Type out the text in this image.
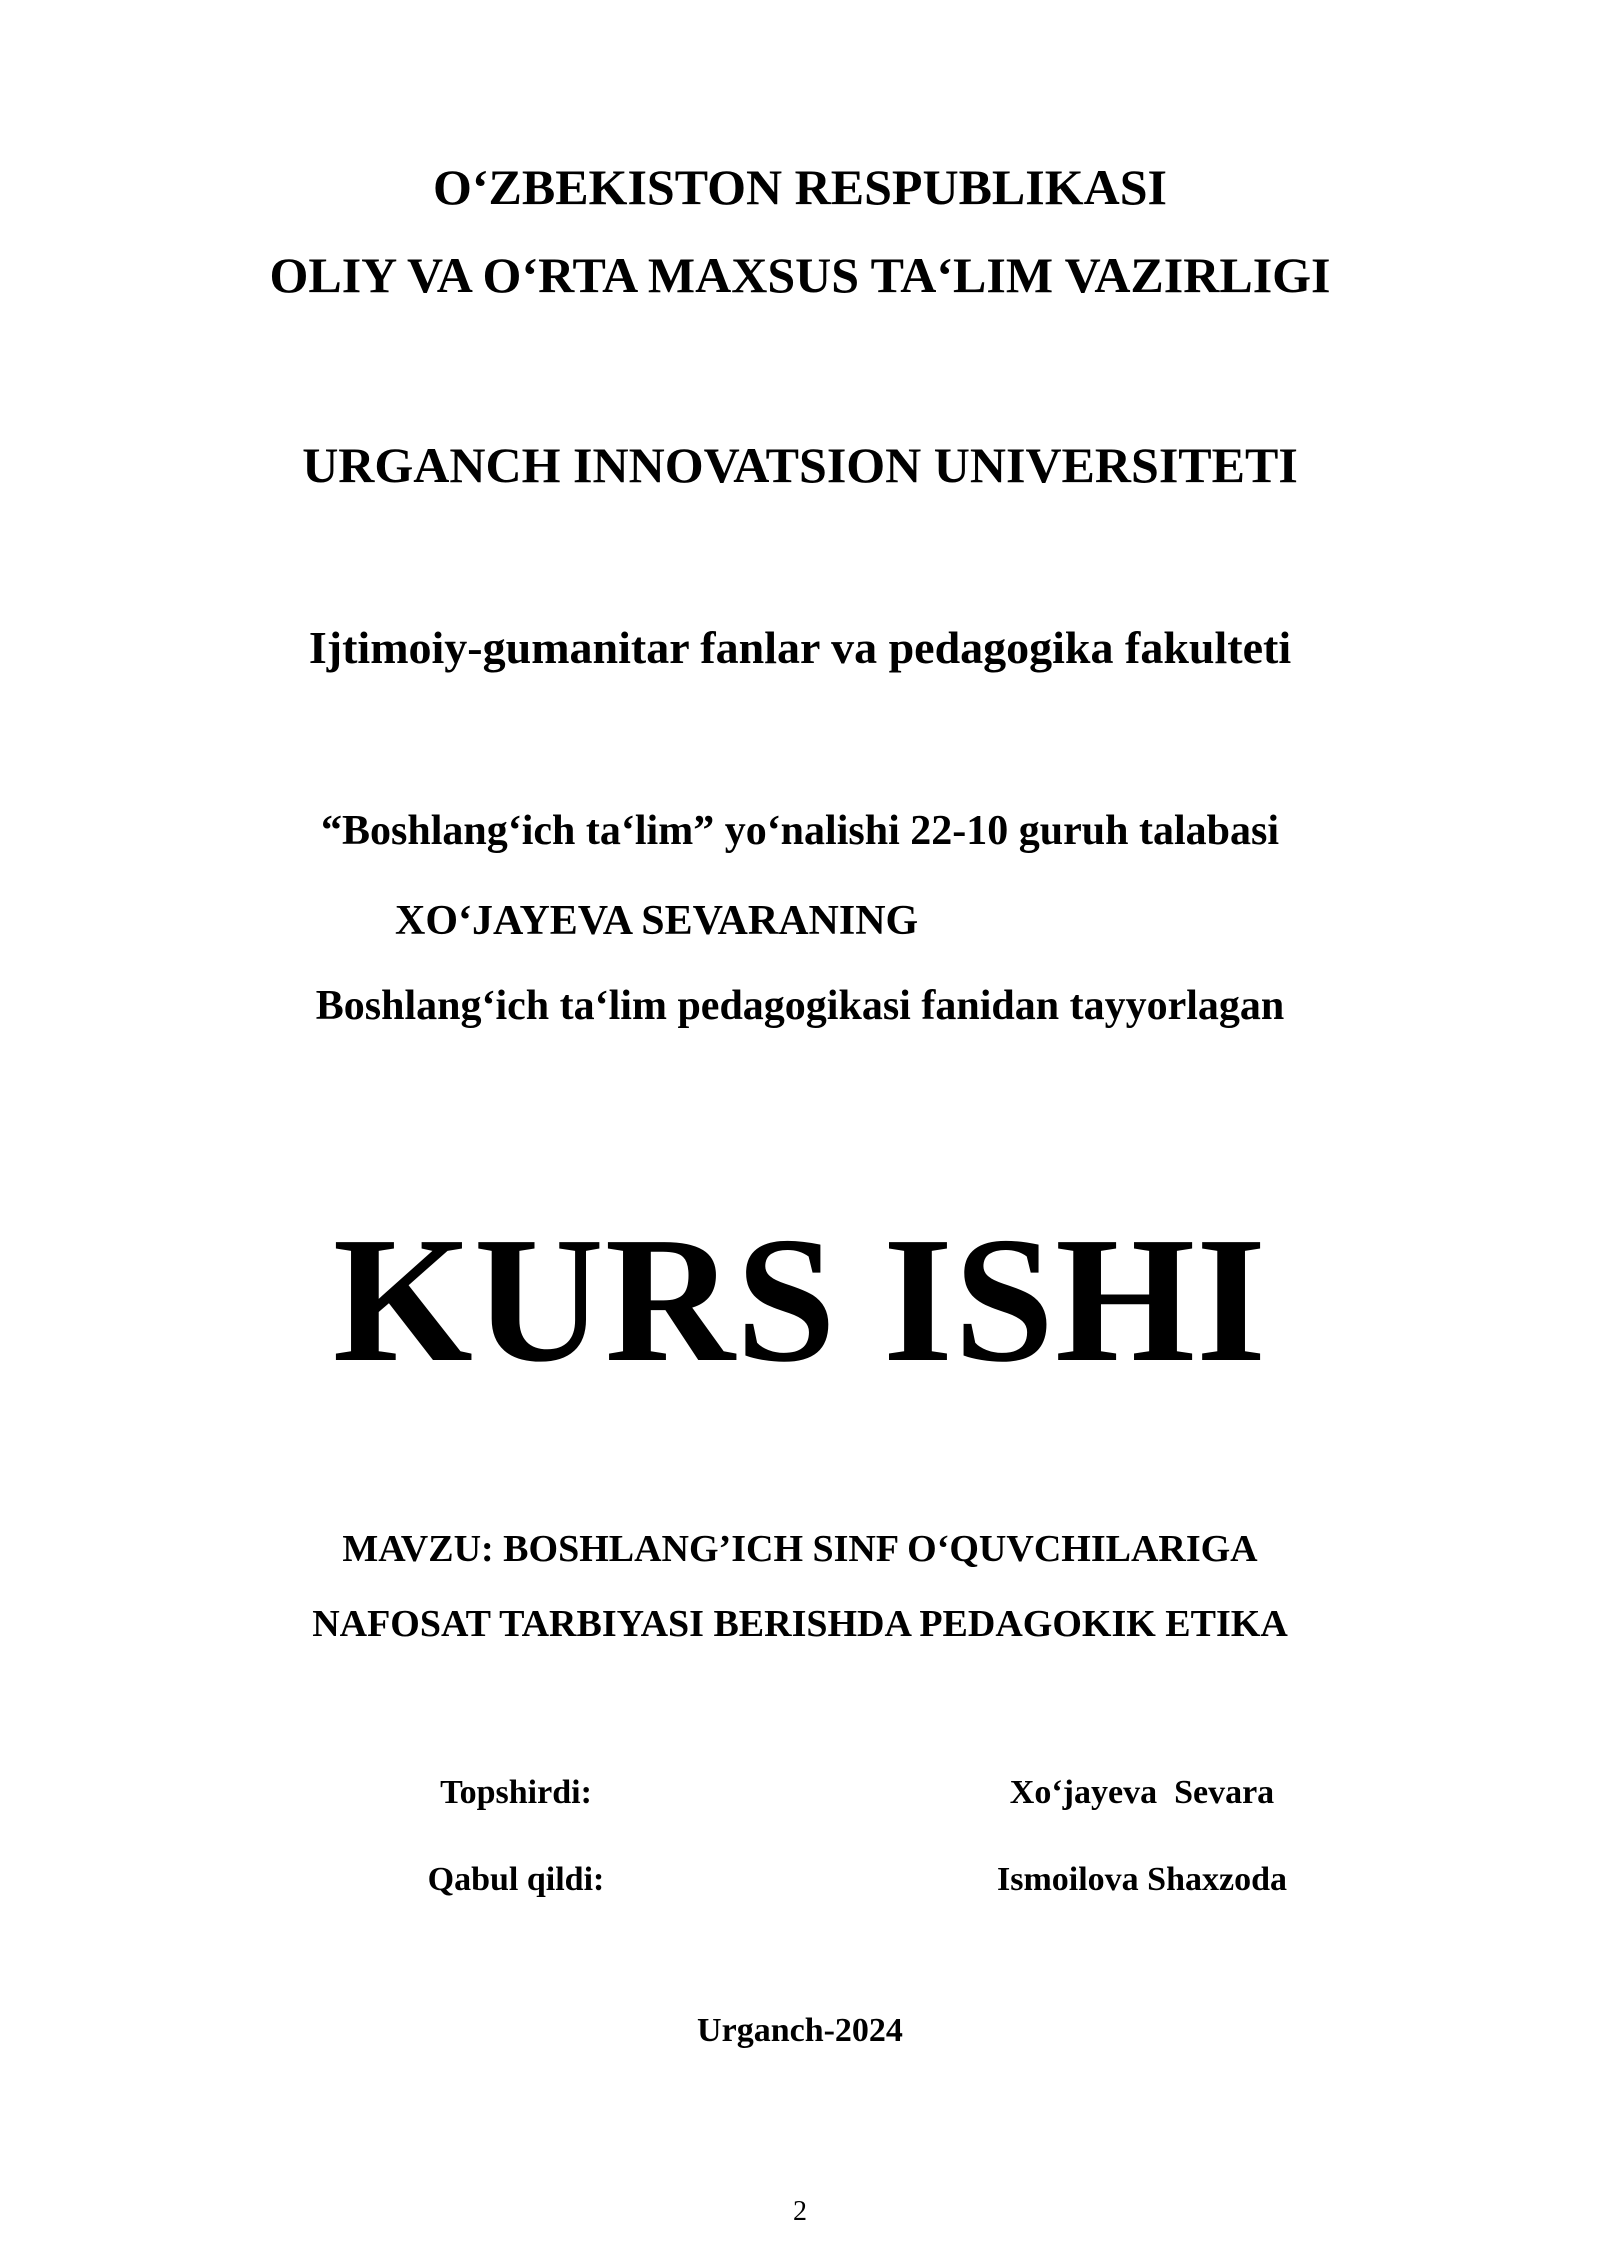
O‘ZBEKISTON RESPUBLIKASI
OLIY VA O‘RTA MAXSUS TA‘LIM VAZIRLIGI
URGANCH INNOVATSION UNIVERSITETI
Ijtimoiy-gumanitar fanlar va pedagogika fakulteti
“Boshlang‘ich ta‘lim” yo‘nalishi 22-10 guruh talabasi
XO‘JAYEVA SEVARANING
Boshlang‘ich ta‘lim pedagogikasi fanidan tayyorlagan
KURS ISHI
MAVZU: BOSHLANG’ICH SINF O‘QUVCHILARIGA
NAFOSAT TARBIYASI BERISHDA PEDAGOKIK ETIKA
Topshirdi:	Xo‘jayeva  Sevara
Qabul qildi:	Ismoilova Shaxzoda
Urganch-2024
2
